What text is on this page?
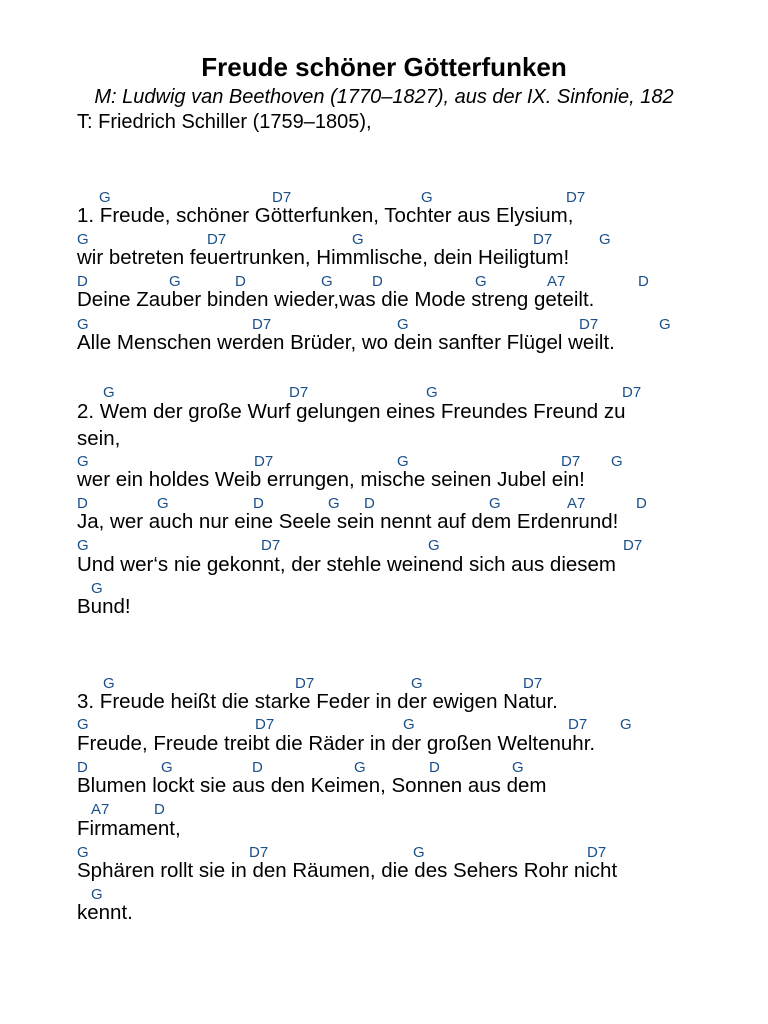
Freude schöner Götterfunken
M: Ludwig van Beethoven (1770–1827), aus der IX. Sinfonie, 182
T: Friedrich Schiller (1759–1805),
G	D7	G	D7
1. Freude, schöner Götterfunken, Tochter aus Elysium,
G	D7	G	D7	G
wir betreten feuertrunken, Himmlische, dein Heiligtum!
D	G	D	G	D	G	A7	D
Deine Zauber binden wieder,was die Mode streng geteilt.
G	D7	G	D7	G
Alle Menschen werden Brüder, wo dein sanfter Flügel weilt.
G	D7	G	D7
2. Wem der große Wurf gelungen eines Freundes Freund zu
sein,
G	D7	G	D7 G
wer ein holdes Weib errungen, mische seinen Jubel ein!
D	G	D	G D	G	A7	D
Ja, wer auch nur eine Seele sein nennt auf dem Erdenrund!
G	D7	G	D7
Und wer‘s nie gekonnt, der stehle weinend sich aus diesem
G
Bund!
G	D7	G	D7
3. Freude heißt die starke Feder in der ewigen Natur.
G	D7	G	D7 G
Freude, Freude treibt die Räder in der großen Weltenuhr.
D	G	D	G	D	G
Blumen lockt sie aus den Keimen, Sonnen aus dem
A7	D
Firmament,
G	D7	G	D7
Sphären rollt sie in den Räumen, die des Sehers Rohr nicht
G
kennt.
